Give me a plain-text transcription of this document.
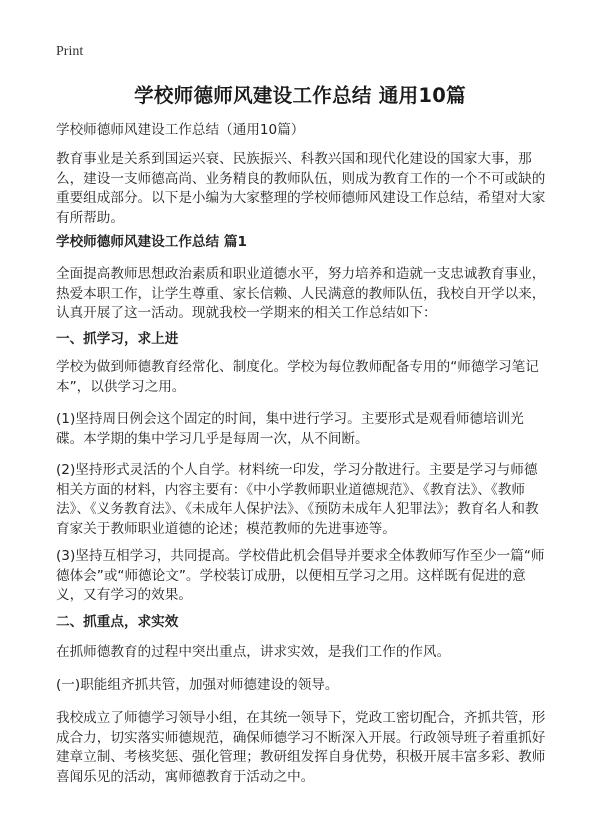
Print
学校师德师风建设工作总结 通用10篇

学校师德师风建设工作总结（通用10篇）

教育事业是关系到国运兴衰、民族振兴、科教兴国和现代化建设的国家大事，那么，建设一支师德高尚、业务精良的教师队伍，则成为教育工作的一个不可或缺的重要组成部分。以下是小编为大家整理的学校师德师风建设工作总结，希望对大家有所帮助。

学校师德师风建设工作总结 篇1

全面提高教师思想政治素质和职业道德水平，努力培养和造就一支忠诚教育事业，热爱本职工作，让学生尊重、家长信赖、人民满意的教师队伍，我校自开学以来，认真开展了这一活动。现就我校一学期来的相关工作总结如下：

一、抓学习，求上进

学校为做到师德教育经常化、制度化。学校为每位教师配备专用的“师德学习笔记本”，以供学习之用。

(1)坚持周日例会这个固定的时间，集中进行学习。主要形式是观看师德培训光碟。本学期的集中学习几乎是每周一次，从不间断。

(2)坚持形式灵活的个人自学。材料统一印发，学习分散进行。主要是学习与师德相关方面的材料，内容主要有：《中小学教师职业道德规范》、《教育法》、《教师法》、《义务教育法》、《未成年人保护法》、《预防未成年人犯罪法》；教育名人和教育家关于教师职业道德的论述；模范教师的先进事迹等。

(3)坚持互相学习，共同提高。学校借此机会倡导并要求全体教师写作至少一篇“师德体会”或“师德论文”。学校装订成册，以便相互学习之用。这样既有促进的意义，又有学习的效果。

二、抓重点，求实效

在抓师德教育的过程中突出重点，讲求实效，是我们工作的作风。

(一)职能组齐抓共管，加强对师德建设的领导。

我校成立了师德学习领导小组，在其统一领导下，党政工密切配合，齐抓共管，形成合力，切实落实师德规范，确保师德学习不断深入开展。行政领导班子着重抓好建章立制、考核奖惩、强化管理；教研组发挥自身优势，积极开展丰富多彩、教师喜闻乐见的活动，寓师德教育于活动之中。
